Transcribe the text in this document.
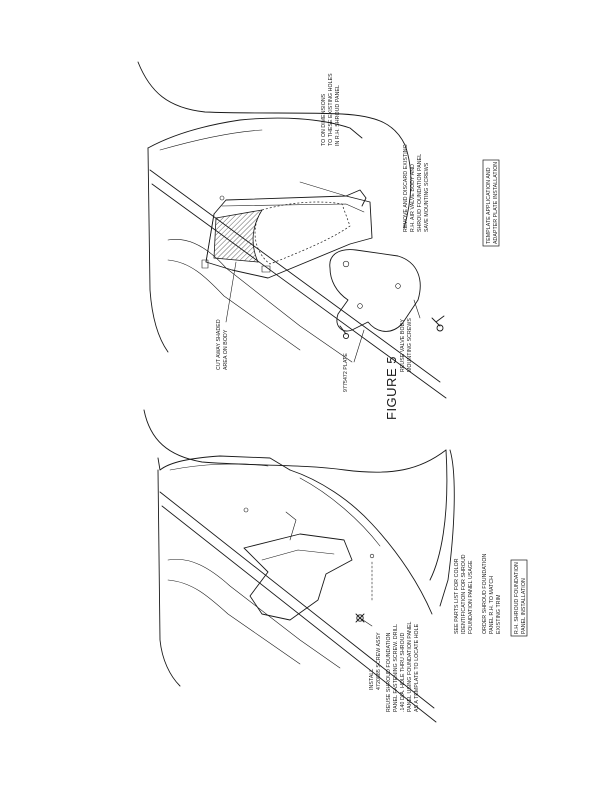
TO ON DIMENSIONS TO THESE EXISTING HOLES IN R.H. SHROUD PANEL
REMOVE AND DISCARD EXISTING R.H. AIR VALVE BODY AND SHROUD FOUNDATION PANEL SAVE MOUNTING SCREWS	TEMPLATE APPLICATION AND ADAPTER PLATE INSTALLATION
CUT AWAY SHADED AREA ON BODY
9775472 PLATE
REUSE VALVE BODY MOUNTING SCREWS
FIGURE 5
SEE PARTS LIST FOR COLOR IDENTIFICATION FOR SHROUD FOUNDATION PANEL USAGE ORDER SHROUD FOUNDATION PANEL R.H. TO MATCH EXISTING TRIM R.H. SHROUD FOUNDATION PANEL INSTALLATION
INSTALL 4720885 SCREW ASSY REUSE SHROUD FOUNDATION PANEL FASTENING SCREW. DRILL .140 DIA. HOLE THRU SHROUD PANEL USING FOUNDATION PANEL AS A TEMPLATE TO LOCATE HOLE
